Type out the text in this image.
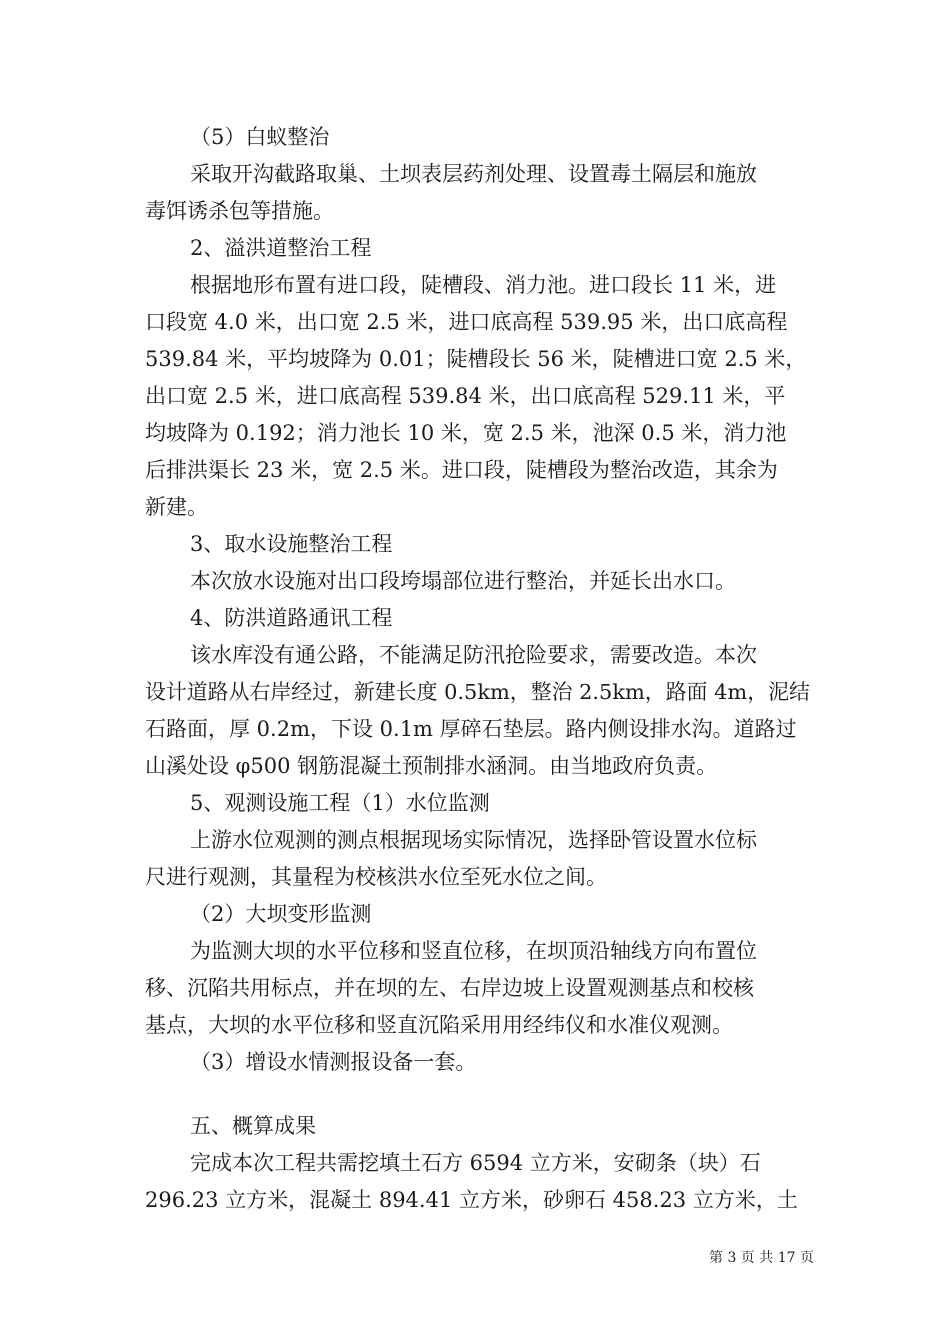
（5）白蚁整治
采取开沟截路取巢、土坝表层药剂处理、设置毒土隔层和施放
毒饵诱杀包等措施。
2、溢洪道整治工程
根据地形布置有进口段，陡槽段、消力池。进口段长 11 米，进
口段宽 4.0 米，出口宽 2.5 米，进口底高程 539.95 米，出口底高程
539.84 米，平均坡降为 0.01；陡槽段长 56 米，陡槽进口宽 2.5 米，
出口宽 2.5 米，进口底高程 539.84 米，出口底高程 529.11 米，平
均坡降为 0.192；消力池长 10 米，宽 2.5 米，池深 0.5 米，消力池
后排洪渠长 23 米，宽 2.5 米。进口段，陡槽段为整治改造，其余为
新建。
3、取水设施整治工程
本次放水设施对出口段垮塌部位进行整治，并延长出水口。
4、防洪道路通讯工程
该水库没有通公路，不能满足防汛抢险要求，需要改造。本次
设计道路从右岸经过，新建长度 0.5km，整治 2.5km，路面 4m，泥结
石路面，厚 0.2m，下设 0.1m 厚碎石垫层。路内侧设排水沟。道路过
山溪处设 φ500 钢筋混凝土预制排水涵洞。由当地政府负责。
5、观测设施工程（1）水位监测
上游水位观测的测点根据现场实际情况，选择卧管设置水位标
尺进行观测，其量程为校核洪水位至死水位之间。
（2）大坝变形监测
为监测大坝的水平位移和竖直位移，在坝顶沿轴线方向布置位
移、沉陷共用标点，并在坝的左、右岸边坡上设置观测基点和校核
基点，大坝的水平位移和竖直沉陷采用用经纬仪和水准仪观测。
（3）增设水情测报设备一套。
五、概算成果
完成本次工程共需挖填土石方 6594 立方米，安砌条（块）石
296.23 立方米，混凝土 894.41 立方米，砂卵石 458.23 立方米，土
第 3 页 共 17 页
